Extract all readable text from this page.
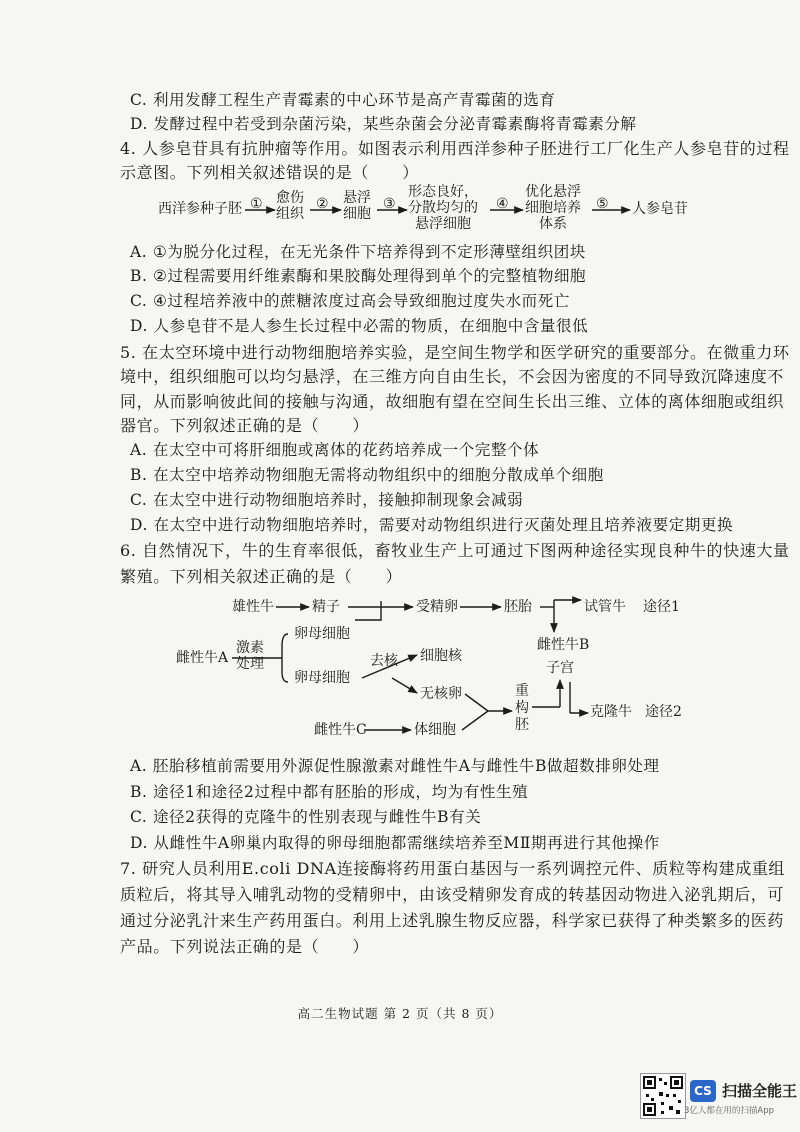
C. 利用发酵工程生产青霉素的中心环节是高产青霉菌的选育
D. 发酵过程中若受到杂菌污染，某些杂菌会分泌青霉素酶将青霉素分解
4. 人参皂苷具有抗肿瘤等作用。如图表示利用西洋参种子胚进行工厂化生产人参皂苷的过程
示意图。下列相关叙述错误的是（　　）
西洋参种子胚 ① 愈伤
组织
② 悬浮
细胞
③
形态良好，
分散均匀的
悬浮细胞
④
优化悬浮
细胞培养
体系
⑤ 人参皂苷
A. ①为脱分化过程，在无光条件下培养得到不定形薄壁组织团块
B. ②过程需要用纤维素酶和果胶酶处理得到单个的完整植物细胞
C. ④过程培养液中的蔗糖浓度过高会导致细胞过度失水而死亡
D. 人参皂苷不是人参生长过程中必需的物质，在细胞中含量很低
5. 在太空环境中进行动物细胞培养实验，是空间生物学和医学研究的重要部分。在微重力环
境中，组织细胞可以均匀悬浮，在三维方向自由生长，不会因为密度的不同导致沉降速度不
同，从而影响彼此间的接触与沟通，故细胞有望在空间生长出三维、立体的离体细胞或组织
器官。下列叙述正确的是（　　）
A. 在太空中可将肝细胞或离体的花药培养成一个完整个体
B. 在太空中培养动物细胞无需将动物组织中的细胞分散成单个细胞
C. 在太空中进行动物细胞培养时，接触抑制现象会减弱
D. 在太空中进行动物细胞培养时，需要对动物组织进行灭菌处理且培养液要定期更换
6. 自然情况下，牛的生育率很低，畜牧业生产上可通过下图两种途径实现良种牛的快速大量
繁殖。下列相关叙述正确的是（　　）
雄性牛	精子	受精卵	胚胎	试管牛 途径1
雌性牛A
激素
处理
卵母细胞
卵母细胞
去核 细胞核
无核卵
雌性牛B
子宫
重
构
胚
克隆牛 途径2
雌性牛C	体细胞
A. 胚胎移植前需要用外源促性腺激素对雌性牛A与雌性牛B做超数排卵处理
B. 途径1和途径2过程中都有胚胎的形成，均为有性生殖
C. 途径2获得的克隆牛的性别表现与雌性牛B有关
D. 从雌性牛A卵巢内取得的卵母细胞都需继续培养至MⅡ期再进行其他操作
7. 研究人员利用E.coli DNA连接酶将药用蛋白基因与一系列调控元件、质粒等构建成重组
质粒后，将其导入哺乳动物的受精卵中，由该受精卵发育成的转基因动物进入泌乳期后，可
通过分泌乳汁来生产药用蛋白。利用上述乳腺生物反应器，科学家已获得了种类繁多的医药
产品。下列说法正确的是（　　）
高二生物试题 第 2 页（共 8 页）
CS 扫描全能王
3亿人都在用的扫描App
